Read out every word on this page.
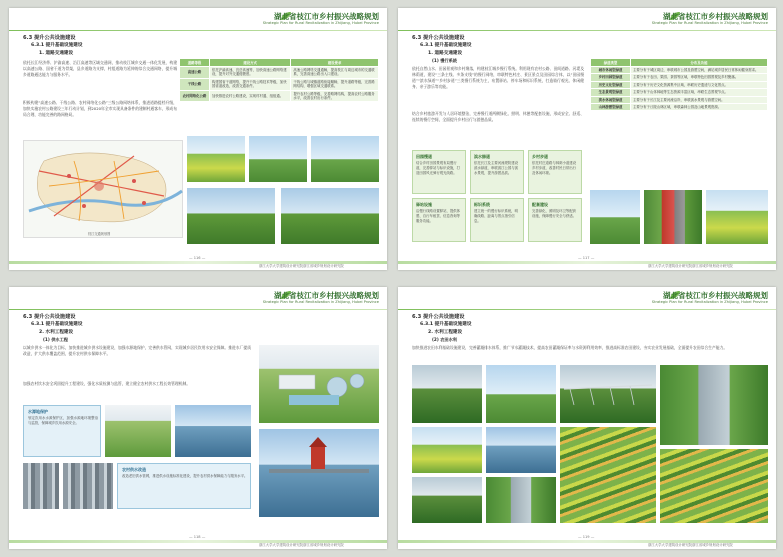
湖北省枝江市乡村振兴战略规划
Strategic Plan for Rural Revitalization in Zhijiang, Hubei Province
6.3 提升公共设施建设
6.3.1 提升基础设施建设
1. 道路交通建设
依托长江经济带、沪渝高速、沿江高速等区域交通网，推动枝江城乡交通一体化发展，构建以高速公路、国省干道为骨架，县乡道路为支撑，村组道路为延伸的综合交通网络，提升城乡道路通达能力与服务水平。
积极构建“高速公路、干线公路、农村网络化公路”三级公路网络体系，推进道路提档升级，加快实施农村公路建设三年行动计划，到2020年全市实现具备条件的建制村通客车，形成布局合理、功能完善的路网格局。
枝江交通规划图
道路等级	建设方式	建设要求
高速公路	依托沪渝高速、宜岳高速等，加快高速公路网络建设，提升对外交通便捷度。	高速公路网络交通通畅，提高枝江与周边城市的交通联系，完善高速公路出入口建设。
干线公路	构建国省干道网络，提升干线公路技术等级，加快国省道改造，改善交通条件。	干线公路与城镇道路衔接顺畅，提升道路等级，完善路网结构，增强区域交通联系。
农村网络化公路	加快推进农村公路建设，实现村村通、组组通。	提升农村公路等级，完善路网结构，提高农村公路服务水平，改善农村出行条件。
— 116 —
浙江大学大学建筑设计研究院浙江省城乡规划设计研究院
湖北省枝江市乡村振兴战略规划
Strategic Plan for Rural Revitalization in Zhijiang, Hubei Province
6.3 提升公共设施建设
6.3.1 提升基础设施建设
1. 道路交通建设
(1) 慢行系统
依托自然山水、田园景观和乡村聚落，构建枝江城乡慢行系统。利用现有农村公路、田间道路、河堤及林荫道，建设“三条主线、多条支线”的慢行网络，串联特色村庄、景区景点及田园综合体，以“田园慢道”“滨水绿道”“乡村步道”三类慢行系统为主，布置驿站、停车场和标识系统，打造骑行观光、休闲健身、亲子游乐等功能。
结合乡村旅游开发与人居环境整治，完善慢行道两侧绿化、照明、休憩等配套设施，形成安全、舒适、连续的慢行空间，全面提升乡村出行与游憩品质。
绿道类型	分布及功能
城市休闲型绿道	主要分布于城区周边，串联城市公园及游憩空间，满足城乡居民日常休闲健身需求。
乡村田园型绿道	主要分布于农田、果园、茶园等区域，串联特色田园景观及乡村聚落。
历史文化型绿道	主要分布于历史文化资源集中区域，串联历史遗迹与文化景点。
生态景观型绿道	主要分布于山体林地等生态资源丰富区域，串联生态景观节点。
滨水休闲型绿道	主要分布于长江及主要河流沿岸，串联滨水景观与游憩空间。
山林游憩型绿道	主要分布于丘陵山林区域，串联森林公园及山地景观资源。
田园慢道
结合乡村田园景观布局慢行道，完善驿站与标识设施，打造田园风光骑行观光线路。
滨水绿道
依托长江及主要河流堤防建设滨水绿道，串联滨江公园与滨水景观，提升游憩品质。
乡村步道
依托村庄道路与林荫小道建设乡村步道，改善村民日常出行及休闲环境。
驿站设施
沿慢行线路设置驿站，提供休憩、自行车租赁、信息咨询等服务功能。
标识系统
建立统一的慢行标识系统，明确线路、距离与景点指引信息。
配套建设
完善绿化、照明及环卫等配套设施，保障慢行安全与舒适。
— 117 —
浙江大学大学建筑设计研究院浙江省城乡规划设计研究院
湖北省枝江市乡村振兴战略规划
Strategic Plan for Rural Revitalization in Zhijiang, Hubei Province
6.3 提升公共设施建设
6.3.1 提升基础设施建设
2. 水利工程建设
(1) 供水工程
以城乡供水一体化为目标，加快推进城乡供水设施建设，加强水源地保护，完善供水管网，实现城乡居民饮用水安全保障。推进水厂提质改造，扩大供水覆盖范围，提升农村供水保障水平。
加强农村饮水安全巩固提升工程建设，强化水质检测与监管，建立健全农村供水工程长效管理机制。
水源地保护
划定饮用水水源保护区，加强水源地环境整治与监管，保障城乡饮用水源安全。
农村供水改造
改造老旧供水管网，推进供水设施标准化建设，提升农村供水保障能力与服务水平。
— 118 —
浙江大学大学建筑设计研究院浙江省城乡规划设计研究院
湖北省枝江市乡村振兴战略规划
Strategic Plan for Rural Revitalization in Zhijiang, Hubei Province
6.3 提升公共设施建设
6.3.1 提升基础设施建设
2. 水利工程建设
(2) 农田水利
加快推进农田水利基础设施建设，完善灌溉排水体系，推广节水灌溉技术，提高农田灌溉保证率与水资源利用效率，推进高标准农田建设，夯实农业发展基础，全面提升农田综合生产能力。
— 119 —
浙江大学大学建筑设计研究院浙江省城乡规划设计研究院
